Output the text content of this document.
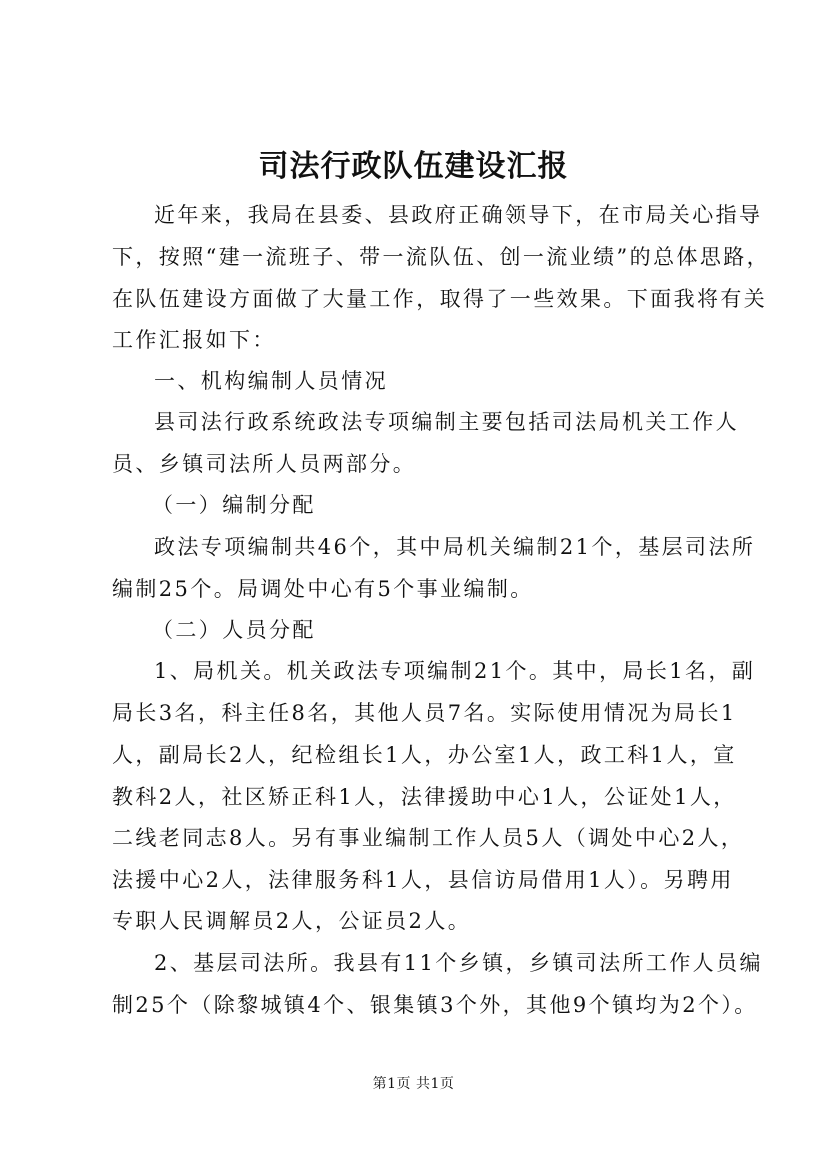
司法行政队伍建设汇报
近年来，我局在县委、县政府正确领导下，在市局关心指导
下，按照“建一流班子、带一流队伍、创一流业绩”的总体思路，
在队伍建设方面做了大量工作，取得了一些效果。下面我将有关
工作汇报如下：
一、机构编制人员情况
县司法行政系统政法专项编制主要包括司法局机关工作人
员、乡镇司法所人员两部分。
（一）编制分配
政法专项编制共46个，其中局机关编制21个，基层司法所
编制25个。局调处中心有5个事业编制。
（二）人员分配
1、局机关。机关政法专项编制21个。其中，局长1名，副
局长3名，科主任8名，其他人员7名。实际使用情况为局长1
人，副局长2人，纪检组长1人，办公室1人，政工科1人，宣
教科2人，社区矫正科1人，法律援助中心1人，公证处1人，
二线老同志8人。另有事业编制工作人员5人（调处中心2人，
法援中心2人，法律服务科1人，县信访局借用1人）。另聘用
专职人民调解员2人，公证员2人。
2、基层司法所。我县有11个乡镇，乡镇司法所工作人员编
制25个（除黎城镇4个、银集镇3个外，其他9个镇均为2个）。
第1页 共1页
